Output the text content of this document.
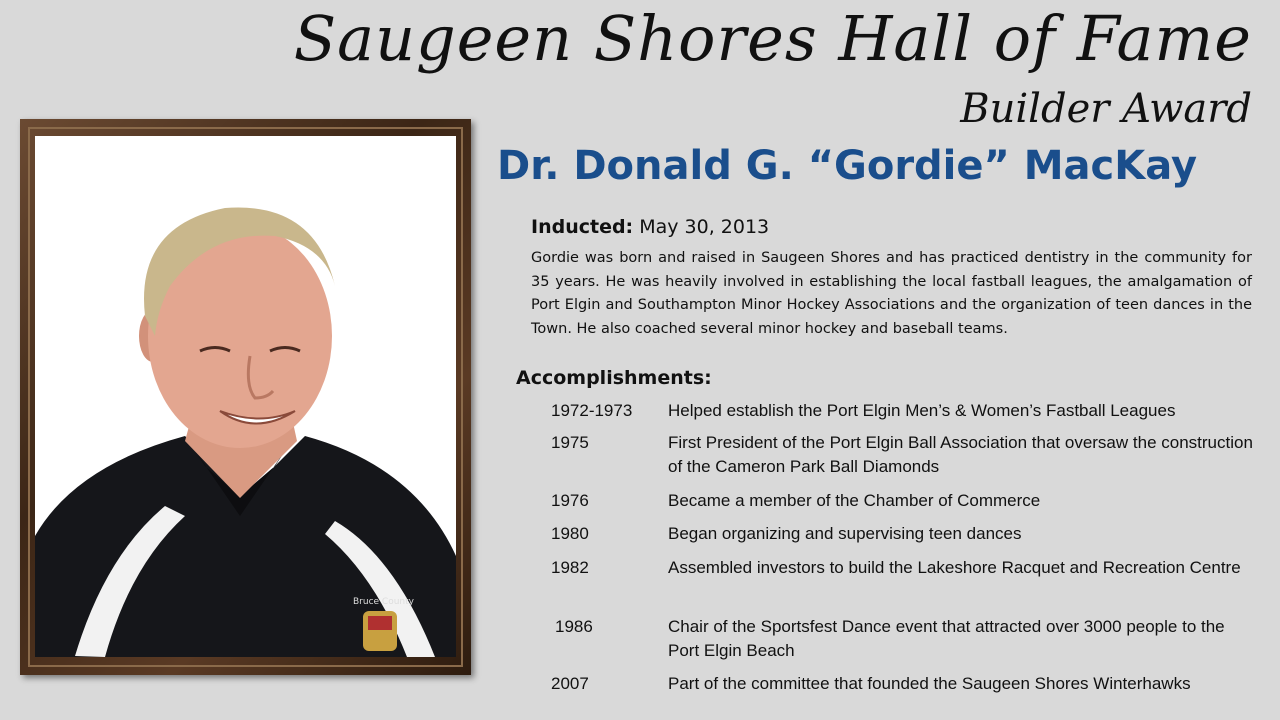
Saugeen Shores Hall of Fame
Builder Award
Bruce County
Dr. Donald G. “Gordie” MacKay
Inducted: May 30, 2013

Gordie was born and raised in Saugeen Shores and has practiced dentistry in the community for 35 years. He was heavily involved in establishing the local fastball leagues, the amalgamation of Port Elgin and Southampton Minor Hockey Associations and the organization of teen dances in the Town. He also coached several minor hockey and baseball teams.

Accomplishments:
1972-1973 Helped establish the Port Elgin Men’s & Women’s Fastball Leagues
1975	First President of the Port Elgin Ball Association that oversaw the construction of the Cameron Park Ball Diamonds
1976	Became a member of the Chamber of Commerce
1980	Began organizing and supervising teen dances
1982	Assembled investors to build the Lakeshore Racquet and Recreation Centre
1986	Chair of the Sportsfest Dance event that attracted over 3000 people to the Port Elgin Beach
2007	Part of the committee that founded the Saugeen Shores Winterhawks
